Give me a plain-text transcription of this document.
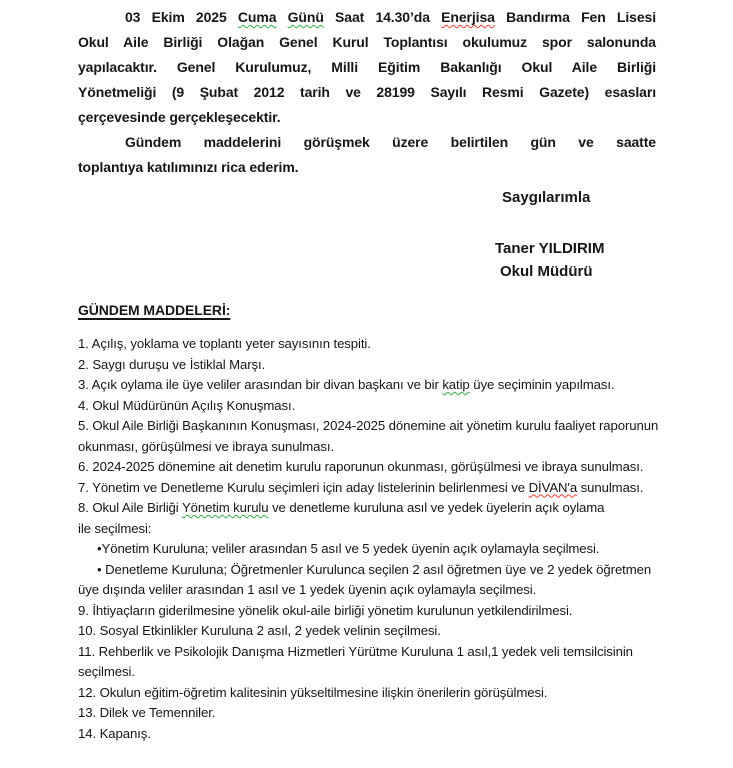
03 Ekim 2025 Cuma Günü Saat 14.30’da Enerjisa Bandırma Fen Lisesi
Okul Aile Birliği Olağan Genel Kurul Toplantısı okulumuz spor salonunda
yapılacaktır. Genel Kurulumuz, Milli Eğitim Bakanlığı Okul Aile Birliği
Yönetmeliği (9 Şubat 2012 tarih ve 28199 Sayılı Resmi Gazete) esasları
çerçevesinde gerçekleşecektir.
Gündem maddelerini görüşmek üzere belirtilen gün ve saatte
toplantıya katılımınızı rica ederim.
Saygılarımla
Taner YILDIRIM
Okul Müdürü
GÜNDEM MADDELERİ:
1. Açılış, yoklama ve toplantı yeter sayısının tespiti.
2. Saygı duruşu ve İstiklal Marşı.
3. Açık oylama ile üye veliler arasından bir divan başkanı ve bir katip üye seçiminin yapılması.
4. Okul Müdürünün Açılış Konuşması.
5. Okul Aile Birliği Başkanının Konuşması, 2024-2025 dönemine ait yönetim kurulu faaliyet raporunun
okunması, görüşülmesi ve ibraya sunulması.
6. 2024-2025 dönemine ait denetim kurulu raporunun okunması, görüşülmesi ve ibraya sunulması.
7. Yönetim ve Denetleme Kurulu seçimleri için aday listelerinin belirlenmesi ve DİVAN'a sunulması.
8. Okul Aile Birliği Yönetim kurulu ve denetleme kuruluna asıl ve yedek üyelerin açık oylama
ile seçilmesi:
•Yönetim Kuruluna; veliler arasından 5 asıl ve 5 yedek üyenin açık oylamayla seçilmesi.
• Denetleme Kuruluna; Öğretmenler Kurulunca seçilen 2 asıl öğretmen üye ve 2 yedek öğretmen
üye dışında veliler arasından 1 asıl ve 1 yedek üyenin açık oylamayla seçilmesi.
9. İhtiyaçların giderilmesine yönelik okul-aile birliği yönetim kurulunun yetkilendirilmesi.
10. Sosyal Etkinlikler Kuruluna 2 asıl, 2 yedek velinin seçilmesi.
11. Rehberlik ve Psikolojik Danışma Hizmetleri Yürütme Kuruluna 1 asıl,1 yedek veli temsilcisinin
seçilmesi.
12. Okulun eğitim-öğretim kalitesinin yükseltilmesine ilişkin önerilerin görüşülmesi.
13. Dilek ve Temenniler.
14. Kapanış.
